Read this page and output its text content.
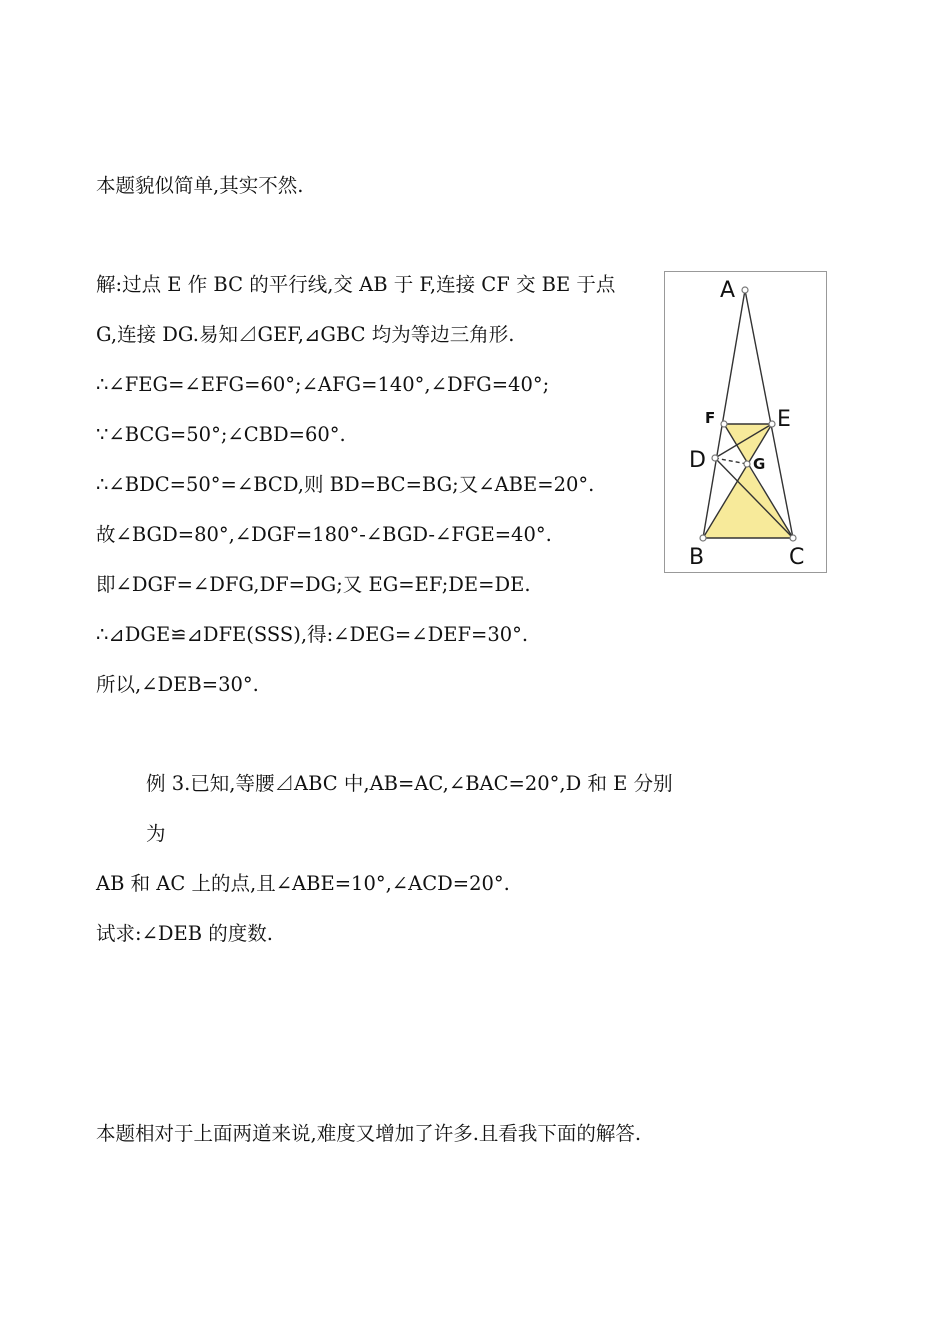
本题貌似简单,其实不然.
解:过点 E 作 BC 的平行线,交 AB 于 F,连接 CF 交 BE 于点
G,连接 DG.易知⊿GEF,⊿GBC 均为等边三角形.
∴∠FEG=∠EFG=60°;∠AFG=140°,∠DFG=40°;
∵∠BCG=50°;∠CBD=60°.
∴∠BDC=50°=∠BCD,则 BD=BC=BG;又∠ABE=20°.
故∠BGD=80°,∠DGF=180°-∠BGD-∠FGE=40°.
即∠DGF=∠DFG,DF=DG;又 EG=EF;DE=DE.
∴⊿DGE≌⊿DFE(SSS),得:∠DEG=∠DEF=30°.
所以,∠DEB=30°.
例 3.已知,等腰⊿ABC 中,AB=AC,∠BAC=20°,D 和 E 分别
为
AB 和 AC 上的点,且∠ABE=10°,∠ACD=20°.
试求:∠DEB 的度数.
本题相对于上面两道来说,难度又增加了许多.且看我下面的解答.
A
B	C
D
E
F
G
